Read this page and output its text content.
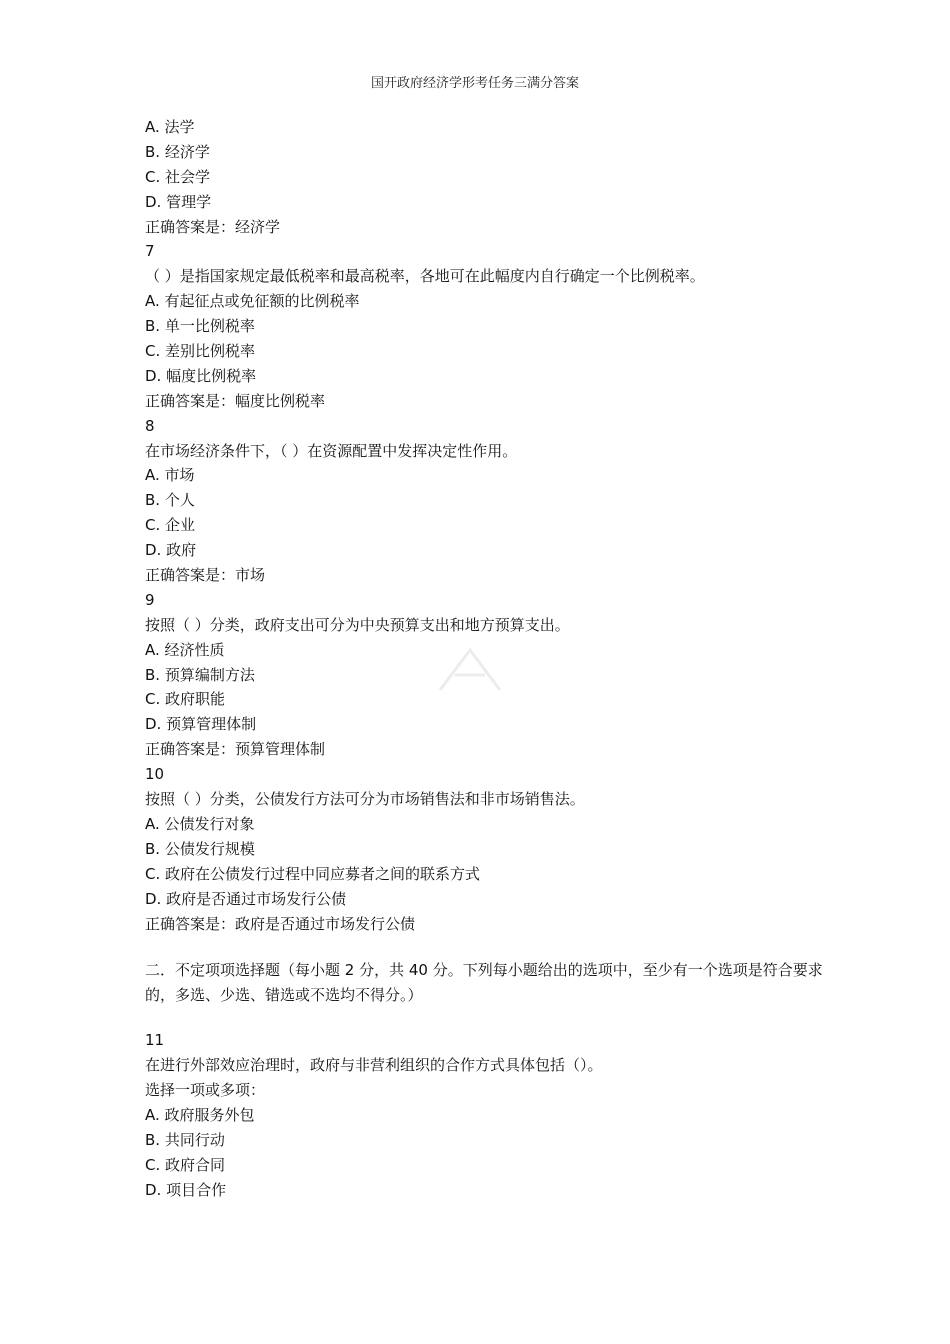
国开政府经济学形考任务三满分答案
A. 法学
B. 经济学
C. 社会学
D. 管理学
正确答案是：经济学
7
（ ）是指国家规定最低税率和最高税率，各地可在此幅度内自行确定一个比例税率。
A. 有起征点或免征额的比例税率
B. 单一比例税率
C. 差别比例税率
D. 幅度比例税率
正确答案是：幅度比例税率
8
在市场经济条件下，（ ）在资源配置中发挥决定性作用。
A. 市场
B. 个人
C. 企业
D. 政府
正确答案是：市场
9
按照（ ）分类，政府支出可分为中央预算支出和地方预算支出。
A. 经济性质
B. 预算编制方法
C. 政府职能
D. 预算管理体制
正确答案是：预算管理体制
10
按照（ ）分类，公债发行方法可分为市场销售法和非市场销售法。
A. 公债发行对象
B. 公债发行规模
C. 政府在公债发行过程中同应募者之间的联系方式
D. 政府是否通过市场发行公债
正确答案是：政府是否通过市场发行公债
二．不定项项选择题（每小题 2 分，共 40 分。下列每小题给出的选项中，至少有一个选项是符合要求的，多选、少选、错选或不选均不得分。）
11
在进行外部效应治理时，政府与非营利组织的合作方式具体包括（）。
选择一项或多项：
A. 政府服务外包
B. 共同行动
C. 政府合同
D. 项目合作
